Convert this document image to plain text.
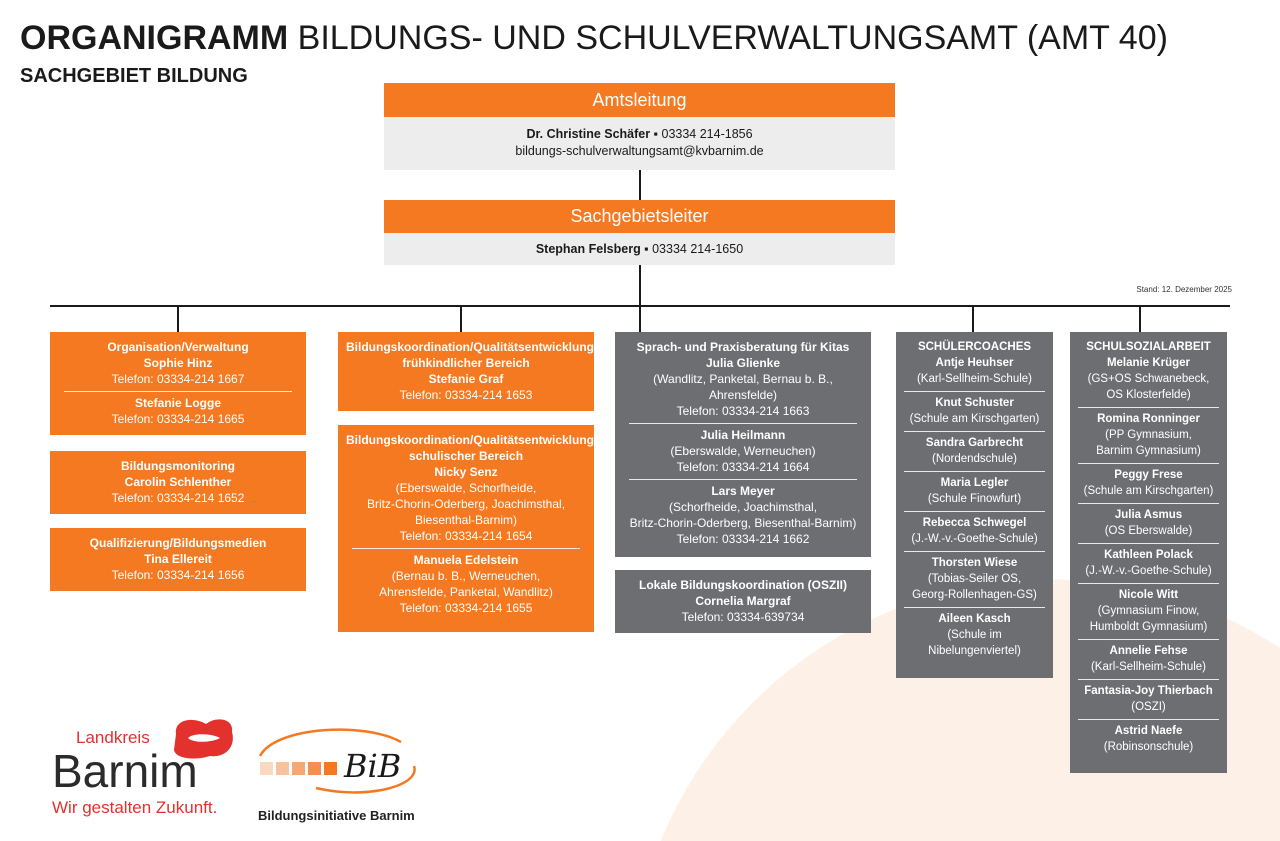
ORGANIGRAMM BILDUNGS- UND SCHULVERWALTUNGSAMT (AMT 40)
SACHGEBIET BILDUNG
Amtsleitung
Dr. Christine Schäfer ▪ 03334 214-1856
bildungs-schulverwaltungsamt@kvbarnim.de
Sachgebietsleiter
Stephan Felsberg ▪ 03334 214-1650
Stand: 12. Dezember 2025
Organisation/Verwaltung
Sophie Hinz
Telefon: 03334-214 1667
Stefanie Logge
Telefon: 03334-214 1665
Bildungsmonitoring
Carolin Schlenther
Telefon: 03334-214 1652
Qualifizierung/Bildungsmedien
Tina Ellereit
Telefon: 03334-214 1656
Bildungskoordination/Qualitätsentwicklung
frühkindlicher Bereich
Stefanie Graf
Telefon: 03334-214 1653
Bildungskoordination/Qualitätsentwicklung
schulischer Bereich
Nicky Senz
(Eberswalde, Schorfheide,
Britz-Chorin-Oderberg, Joachimsthal,
Biesenthal-Barnim)
Telefon: 03334-214 1654
Manuela Edelstein
(Bernau b. B., Werneuchen,
Ahrensfelde, Panketal, Wandlitz)
Telefon: 03334-214 1655
Sprach- und Praxisberatung für Kitas
Julia Glienke
(Wandlitz, Panketal, Bernau b. B.,
Ahrensfelde)
Telefon: 03334-214 1663
Julia Heilmann
(Eberswalde, Werneuchen)
Telefon: 03334-214 1664
Lars Meyer
(Schorfheide, Joachimsthal,
Britz-Chorin-Oderberg, Biesenthal-Barnim)
Telefon: 03334-214 1662
Lokale Bildungskoordination (OSZII)
Cornelia Margraf
Telefon: 03334-639734
SCHÜLERCOACHES
Antje Heuhser
(Karl-Sellheim-Schule)
Knut Schuster
(Schule am Kirschgarten)
Sandra Garbrecht
(Nordendschule)
Maria Legler
(Schule Finowfurt)
Rebecca Schwegel
(J.-W.-v.-Goethe-Schule)
Thorsten Wiese
(Tobias-Seiler OS,
Georg-Rollenhagen-GS)
Aileen Kasch
(Schule im
Nibelungenviertel)
SCHULSOZIALARBEIT
Melanie Krüger
(GS+OS Schwanebeck,
OS Klosterfelde)
Romina Ronninger
(PP Gymnasium,
Barnim Gymnasium)
Peggy Frese
(Schule am Kirschgarten)
Julia Asmus
(OS Eberswalde)
Kathleen Polack
(J.-W.-v.-Goethe-Schule)
Nicole Witt
(Gymnasium Finow,
Humboldt Gymnasium)
Annelie Fehse
(Karl-Sellheim-Schule)
Fantasia-Joy Thierbach
(OSZI)
Astrid Naefe
(Robinsonschule)
Landkreis
Barnim
Wir gestalten Zukunft.
BiB
Bildungsinitiative Barnim
